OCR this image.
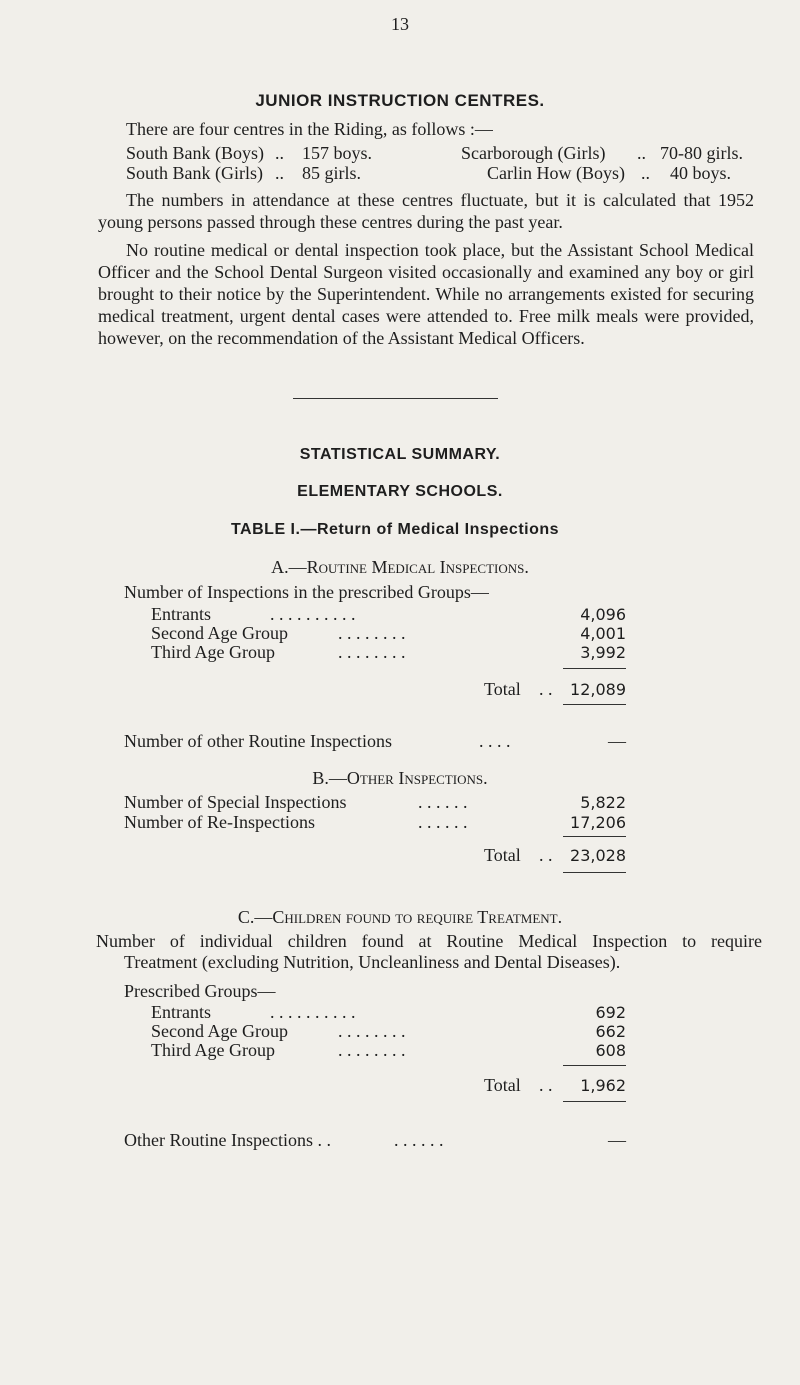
13
JUNIOR INSTRUCTION CENTRES.
There are four centres in the Riding, as follows :—
South Bank (Boys) .. 157 boys.
South Bank (Girls) .. 85 girls.
Scarborough (Girls) .. 70-80 girls.
Carlin How (Boys) .. 40 boys.
The numbers in attendance at these centres fluctuate, but it is calculated that 1952
young persons passed through these centres during the past year.
No routine medical or dental inspection took place, but the Assistant School Medical
Officer and the School Dental Surgeon visited occasionally and examined any boy or girl
brought to their notice by the Superintendent. While no arrangements existed for securing
medical treatment, urgent dental cases were attended to. Free milk meals were provided,
however, on the recommendation of the Assistant Medical Officers.
STATISTICAL SUMMARY.
ELEMENTARY SCHOOLS.
TABLE I.—Return of Medical Inspections
A.—Routine Medical Inspections.
Number of Inspections in the prescribed Groups—
Entrants	. . . . . . . . . .	4,096
Second Age Group	. . . . . . . .	4,001
Third Age Group	. . . . . . . .	3,992
Total . .	12,089
Number of other Routine Inspections	. . . .	—
B.—Other Inspections.
Number of Special Inspections	. . . . . .	5,822
Number of Re-Inspections	. . . . . .	17,206
Total . .	23,028
C.—Children found to require Treatment.
Number of individual children found at Routine Medical Inspection to require
Treatment (excluding Nutrition, Uncleanliness and Dental Diseases).
Prescribed Groups—
Entrants	. . . . . . . . . .	692
Second Age Group	. . . . . . . .	662
Third Age Group	. . . . . . . .	608
Total . .	1,962
Other Routine Inspections . .	. . . . . .	—
